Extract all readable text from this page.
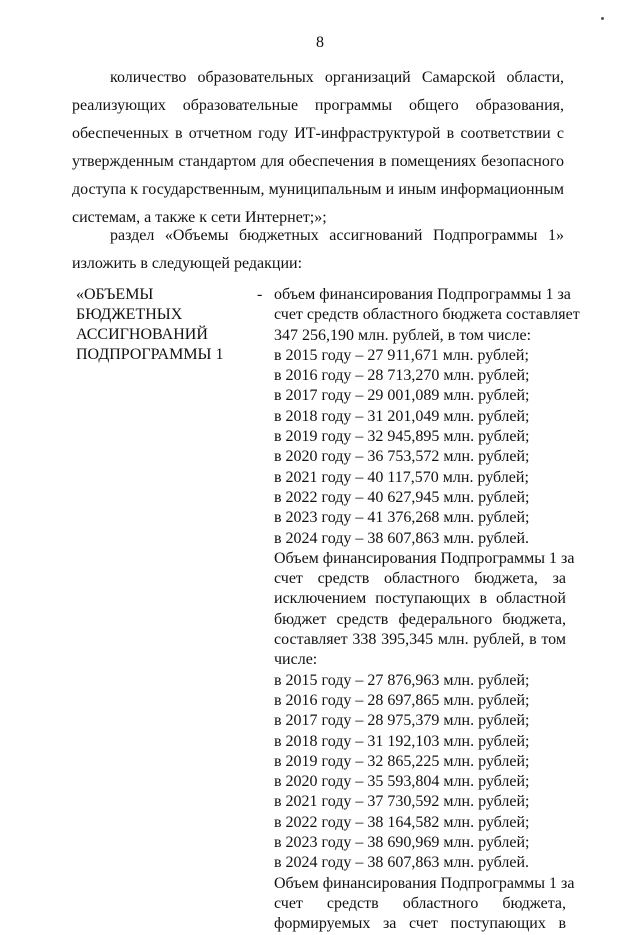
8
количество образовательных организаций Самарской области,
реализующих образовательные программы общего образования,
обеспеченных в отчетном году ИТ-инфраструктурой в соответствии с
утвержденным стандартом для обеспечения в помещениях безопасного
доступа к государственным, муниципальным и иным информационным
системам, а также к сети Интернет;»;
раздел «Объемы бюджетных ассигнований Подпрограммы 1»
изложить в следующей редакции:
«ОБЪЕМЫ
БЮДЖЕТНЫХ
АССИГНОВАНИЙ
ПОДПРОГРАММЫ 1
- объем финансирования Подпрограммы 1 за
счет средств областного бюджета составляет
347 256,190 млн. рублей, в том числе:
в 2015 году – 27 911,671 млн. рублей;
в 2016 году – 28 713,270 млн. рублей;
в 2017 году – 29 001,089 млн. рублей;
в 2018 году – 31 201,049 млн. рублей;
в 2019 году – 32 945,895 млн. рублей;
в 2020 году – 36 753,572 млн. рублей;
в 2021 году – 40 117,570 млн. рублей;
в 2022 году – 40 627,945 млн. рублей;
в 2023 году – 41 376,268 млн. рублей;
в 2024 году – 38 607,863 млн. рублей.
Объем финансирования Подпрограммы 1 за
счет средств областного бюджета, за
исключением поступающих в областной
бюджет средств федерального бюджета,
составляет 338 395,345 млн. рублей, в том
числе:
в 2015 году – 27 876,963 млн. рублей;
в 2016 году – 28 697,865 млн. рублей;
в 2017 году – 28 975,379 млн. рублей;
в 2018 году – 31 192,103 млн. рублей;
в 2019 году – 32 865,225 млн. рублей;
в 2020 году – 35 593,804 млн. рублей;
в 2021 году – 37 730,592 млн. рублей;
в 2022 году – 38 164,582 млн. рублей;
в 2023 году – 38 690,969 млн. рублей;
в 2024 году – 38 607,863 млн. рублей.
Объем финансирования Подпрограммы 1 за
счет средств областного бюджета,
формируемых за счет поступающих в
